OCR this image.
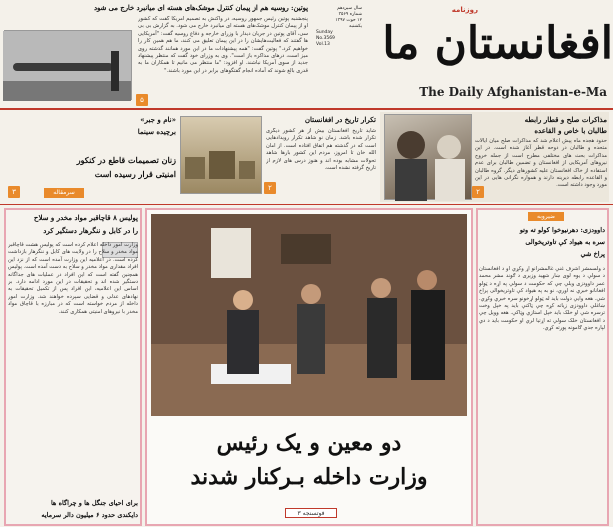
افغانستان ما
روزنامه
The Daily Afghanistan-e-Ma
سال سیزدهم
شماره ۳۵۶۹
۱۲ حوت ۱۳۹۷
یکشنبه
Sunday
No.3569
Vol.13
پوتین: روسیه هم از پیمان کنترل موشک‌های هسته ای میانبرد خارج می شود
پنجشنبه پوتین رئیس جمهور روسیه، در واکنش به تصمیم آمریکا گفت که کشور او از پیمان کنترل موشک‌های هسته ای میانبرد خارج می شود. به گزارش بی بی سی، آقای پوتین در جریان دیدار با وزرای خارجه و دفاع روسیه گفت: "آمریکایی ها گفتند که فعالیت‌هایشان را در این پیمان تعلیق می کنند، ما هم همین کار را خواهیم کرد." پوتین گفت: "همه پیشنهادات ما در این مورد همانند گذشته روی میز است، درهای مذاکره باز است". وی به وزرای خود گفت که منتظر پیشنهاد جدید از سوی آمریکا نباشند. او افزود: "ما منتظر می مانیم تا همکاران ما به قدری بالغ شوند که آماده انجام گفتگوهای برابر در این مورد باشند."
۵
مذاکرات صلح و قطار رابطه
طالبان با خاص و القاعده
حدود هجده ماه پیش اعلام شد که مذاکرات صلح میان ایالات متحده و طالبان در دوحه قطر آغاز شده است. در این مذاکرات بحث های مختلفی مطرح است از جمله خروج نیروهای آمریکایی از افغانستان و تضمین طالبان برای عدم استفاده از خاک افغانستان علیه کشورهای دیگر. گروه طالبان و القاعده رابطه دیرینه دارند و همواره نگرانی هایی در این مورد وجود داشته است.
۲
تکرار تاریخ در افغانستان
شاید تاریخ افغانستان بیش از هر کشور دیگری تکرار شده باشد. زمان نو شاهد تکرار رویدادهایی است که در گذشته هم اتفاق افتاده است. از امان الله خان تا امروز، مردم این کشور بارها شاهد تحولات مشابه بوده اند و هنوز درس های لازم از تاریخ گرفته نشده است.
۲
«نام و جبر»
برچیده سینما
زنان تصمیمات قاطع در کنکور
امنیتی قرار رسیده است
سرمقاله
۳
پولیس ۸ قاچاقبر مواد مخدر و سلاح
را در کابل و ننگرهار دستگیر کرد
وزارت امور داخله اعلام کرده است که پولیس هشت قاچاقبر مواد مخدر و سلاح را در ولایت های کابل و ننگرهار بازداشت کرده است. در اعلامیه این وزارت آمده است که از نزد این افراد مقداری مواد مخدر و سلاح به دست آمده است. پولیس همچنین گفته است که این افراد در عملیات های جداگانه دستگیر شده اند و تحقیقات در این مورد ادامه دارد. بر اساس این اعلامیه، این افراد پس از تکمیل تحقیقات به نهادهای عدلی و قضایی سپرده خواهند شد. وزارت امور داخله از مردم خواسته است که در مبارزه با قاچاق مواد مخدر با نیروهای امنیتی همکاری کنند.
برای احیای جنگل ها و چراگاه ها
دایکندی حدود ۶ میلیون دالر سرمایه
دو معین و یک رئیس
وزارت داخله بـرکنار شدند
فوتسنجه ۳
ضیروبه
داوودزی: دهرنیوخوا کولو ته وتو
سره به هیواد کې تاوتریخوالی
پراخ شي
د ولسمشر اشرف غني غالمشرانو اړ وکړي او د افغانستان د سولې د یوه لوی ښار شهید وزیری د ګوند مشر محمد عمر داوودزی ویلي چې که حکومت د سولې په اړه د ټولو افغانانو خبرې نه اوري، نو به په هیواد کې تاوتریخوالی پراخ شي. هغه وایي دولت باید له ټولو اړخونو سره خبرې وکړي. ښاغلي داوودزی زیاته کړه چې ټاکنې باید په خپل وخت ترسره شي او خلک باید خپل استازي وټاکي. هغه وویل چې د افغانستان خلک سولې ته اړتیا لري او حکومت باید د دې لپاره جدي ګامونه پورته کړي.
